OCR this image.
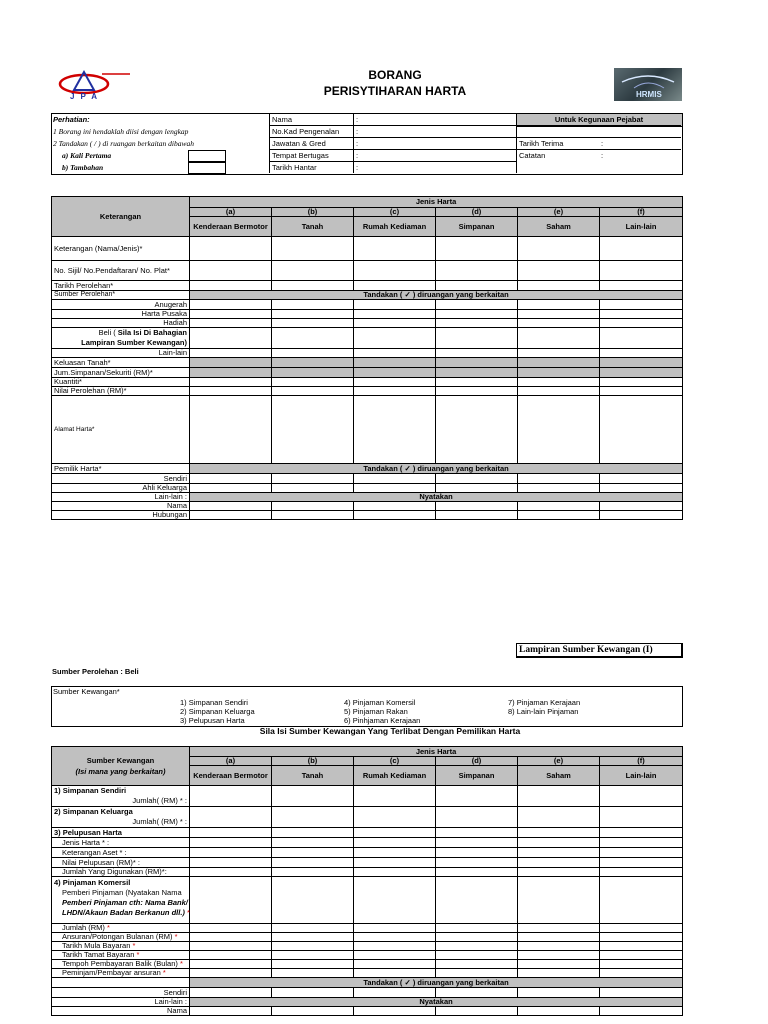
JPA
BORANG
PERISYTIHARAN HARTA	HRMIS
Untuk Kegunaan Pejabat
Perhatian:
1 Borang ini hendaklah diisi dengan lengkap
2 Tandakan ( / ) di ruangan berkaitan dibawah
a) Kali Pertama
b) Tambahan
Nama
No.Kad Pengenalan
Jawatan & Gred
Tempat Bertugas
Tarikh Hantar
:
:
:
:
:
Tarikh Terima
Catatan
:
:
Keterangan	Jenis Harta					
	(a)	(b)	(c)	(d)	(e)	(f)
	Kenderaan Bermotor	Tanah	Rumah Kediaman	Simpanan	Saham	Lain-lain
Keterangan (Nama/Jenis)*						
No. Sijil/ No.Pendaftaran/ No. Plat*						
Tarikh Perolehan*						
Sumber Perolehan*	Tandakan ( ✓ ) diruangan yang berkaitan					
Anugerah						
Harta Pusaka						
Hadiah						
Beli ( Sila Isi Di Bahagian
Lampiran Sumber Kewangan)						
Lain-lain						
Keluasan Tanah*						
Jum.Simpanan/Sekuriti (RM)*						
Kuantiti*						
Nilai Perolehan (RM)*						
Alamat Harta*						
Pemilik Harta*	Tandakan ( ✓ ) diruangan yang berkaitan					
Sendiri						
Ahli Keluarga						
Lain-lain :	Nyatakan					
Nama						
Hubungan						
Lampiran Sumber Kewangan (I)
Sumber Perolehan : Beli
Sumber Kewangan*
1) Simpanan Sendiri
2) Simpanan Keluarga
3) Pelupusan Harta
4) Pinjaman Komersil
5) Pinjaman Rakan
6) Pinhjaman Kerajaan
7) Pinjaman Kerajaan
8) Lain-lain Pinjaman
Sila Isi Sumber Kewangan Yang Terlibat Dengan Pemilikan Harta
Sumber Kewangan
(Isi mana yang berkaitan)	Jenis Harta					
	(a)	(b)	(c)	(d)	(e)	(f)
	Kenderaan Bermotor	Tanah	Rumah Kediaman	Simpanan	Saham	Lain-lain
1) Simpanan Sendiri

Jumlah( (RM) * :						

2) Simpanan Keluarga

Jumlah( (RM) * :						

3) Pelupusan Harta						
Jenis Harta * :						
Keterangan Aset * :						
Nilai Pelupusan (RM)* :						
Jumlah Yang Digunakan (RM)*:						
4) Pinjaman Komersil
Pemberi Pinjaman (Nyatakan Nama
Pemberi Pinjaman cth: Nama Bank/
LHDN/Akaun Badan Berkanun dll.) *						
Jumlah (RM) *						
Ansuran/Potongan Bulanan (RM) *						
Tarikh Mula Bayaran *						
Tarikh Tamat Bayaran *						
Tempoh Pembayaran Balik (Bulan) *						
Peminjam/Pembayar ansuran *						
	Tandakan ( ✓ ) diruangan yang berkaitan					
Sendiri						
Lain-lain :	Nyatakan					
Nama						
